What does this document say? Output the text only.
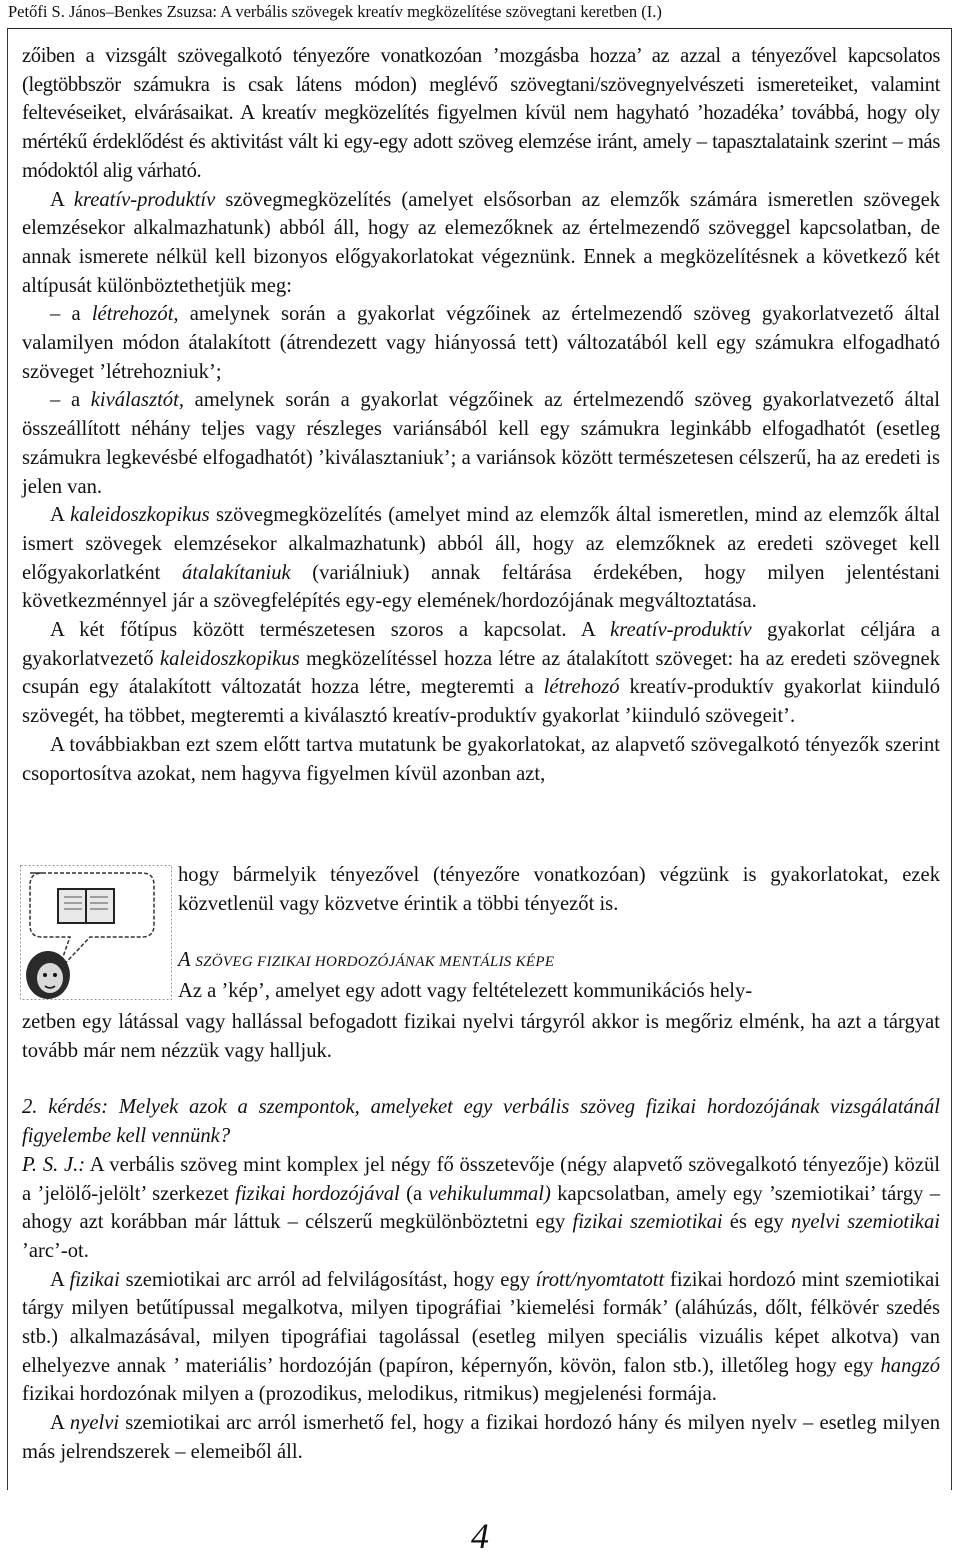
Petőfi S. János–Benkes Zsuzsa: A verbális szövegek kreatív megközelítése szövegtani keretben (I.)

zőiben a vizsgált szövegalkotó tényezőre vonatkozóan ’mozgásba hozza’ az azzal a tényezővel kapcsolatos (legtöbbször számukra is csak látens módon) meglévő szövegtani/szövegnyelvészeti ismereteiket, valamint feltevéseiket, elvárásaikat. A kreatív megközelítés figyelmen kívül nem hagyható ’hozadéka’ továbbá, hogy oly mértékű érdeklődést és aktivitást vált ki egy-egy adott szöveg elemzése iránt, amely – tapasztalataink szerint – más módoktól alig várható.

A kreatív-produktív szövegmegközelítés (amelyet elsősorban az elemzők számára ismeretlen szövegek elemzésekor alkalmazhatunk) abból áll, hogy az elemezőknek az értelmezendő szöveggel kapcsolatban, de annak ismerete nélkül kell bizonyos előgyakorlatokat végeznünk. Ennek a megközelítésnek a következő két altípusát különböztethetjük meg:

– a létrehozót, amelynek során a gyakorlat végzőinek az értelmezendő szöveg gyakorlatvezető által valamilyen módon átalakított (átrendezett vagy hiányossá tett) változatából kell egy számukra elfogadható szöveget ’létrehozniuk’;

– a kiválasztót, amelynek során a gyakorlat végzőinek az értelmezendő szöveg gyakorlatvezető által összeállított néhány teljes vagy részleges variánsából kell egy számukra leginkább elfogadhatót (esetleg számukra legkevésbé elfogadhatót) ’kiválasztaniuk’; a variánsok között természetesen célszerű, ha az eredeti is jelen van.

A kaleidoszkopikus szövegmegközelítés (amelyet mind az elemzők által ismeretlen, mind az elemzők által ismert szövegek elemzésekor alkalmazhatunk) abból áll, hogy az elemzőknek az eredeti szöveget kell előgyakorlatként átalakítaniuk (variálniuk) annak feltárása érdekében, hogy milyen jelentéstani következménnyel jár a szövegfelépítés egy-egy elemének/hordozójának megváltoztatása.

A két főtípus között természetesen szoros a kapcsolat. A kreatív-produktív gyakorlat céljára a gyakorlatvezető kaleidoszkopikus megközelítéssel hozza létre az átalakított szöveget: ha az eredeti szövegnek csupán egy átalakított változatát hozza létre, megteremti a létrehozó kreatív-produktív gyakorlat kiinduló szövegét, ha többet, megteremti a kiválasztó kreatív-produktív gyakorlat ’kiinduló szövegeit’.

A továbbiakban ezt szem előtt tartva mutatunk be gyakorlatokat, az alapvető szövegalkotó tényezők szerint csoportosítva azokat, nem hagyva figyelmen kívül azonban azt,

hogy bármelyik tényezővel (tényezőre vonatkozóan) végzünk is gyakorlatokat, ezek közvetlenül vagy közvetve érintik a többi tényezőt is.

A SZÖVEG FIZIKAI HORDOZÓJÁNAK MENTÁLIS KÉPE

Az a ’kép’, amelyet egy adott vagy feltételezett kommunikációs hely-

zetben egy látással vagy hallással befogadott fizikai nyelvi tárgyról akkor is megőriz elménk, ha azt a tárgyat tovább már nem nézzük vagy halljuk.

2. kérdés: Melyek azok a szempontok, amelyeket egy verbális szöveg fizikai hordozójának vizsgálatánál figyelembe kell vennünk?

P. S. J.: A verbális szöveg mint komplex jel négy fő összetevője (négy alapvető szövegalkotó tényezője) közül a ’jelölő-jelölt’ szerkezet fizikai hordozójával (a vehikulummal) kapcsolatban, amely egy ’szemiotikai’ tárgy – ahogy azt korábban már láttuk – célszerű megkülönböztetni egy fizikai szemiotikai és egy nyelvi szemiotikai ’arc’-ot.

A fizikai szemiotikai arc arról ad felvilágosítást, hogy egy írott/nyomtatott fizikai hordozó mint szemiotikai tárgy milyen betűtípussal megalkotva, milyen tipográfiai ’kiemelési formák’ (aláhúzás, dőlt, félkövér szedés stb.) alkalmazásával, milyen tipográfiai tagolással (esetleg milyen speciális vizuális képet alkotva) van elhelyezve annak ’ materiális’ hordozóján (papíron, képernyőn, kövön, falon stb.), illetőleg hogy egy hangzó fizikai hordozónak milyen a (prozodikus, melodikus, ritmikus) megjelenési formája.

A nyelvi szemiotikai arc arról ismerhető fel, hogy a fizikai hordozó hány és milyen nyelv – esetleg milyen más jelrendszerek – elemeiből áll.

4
